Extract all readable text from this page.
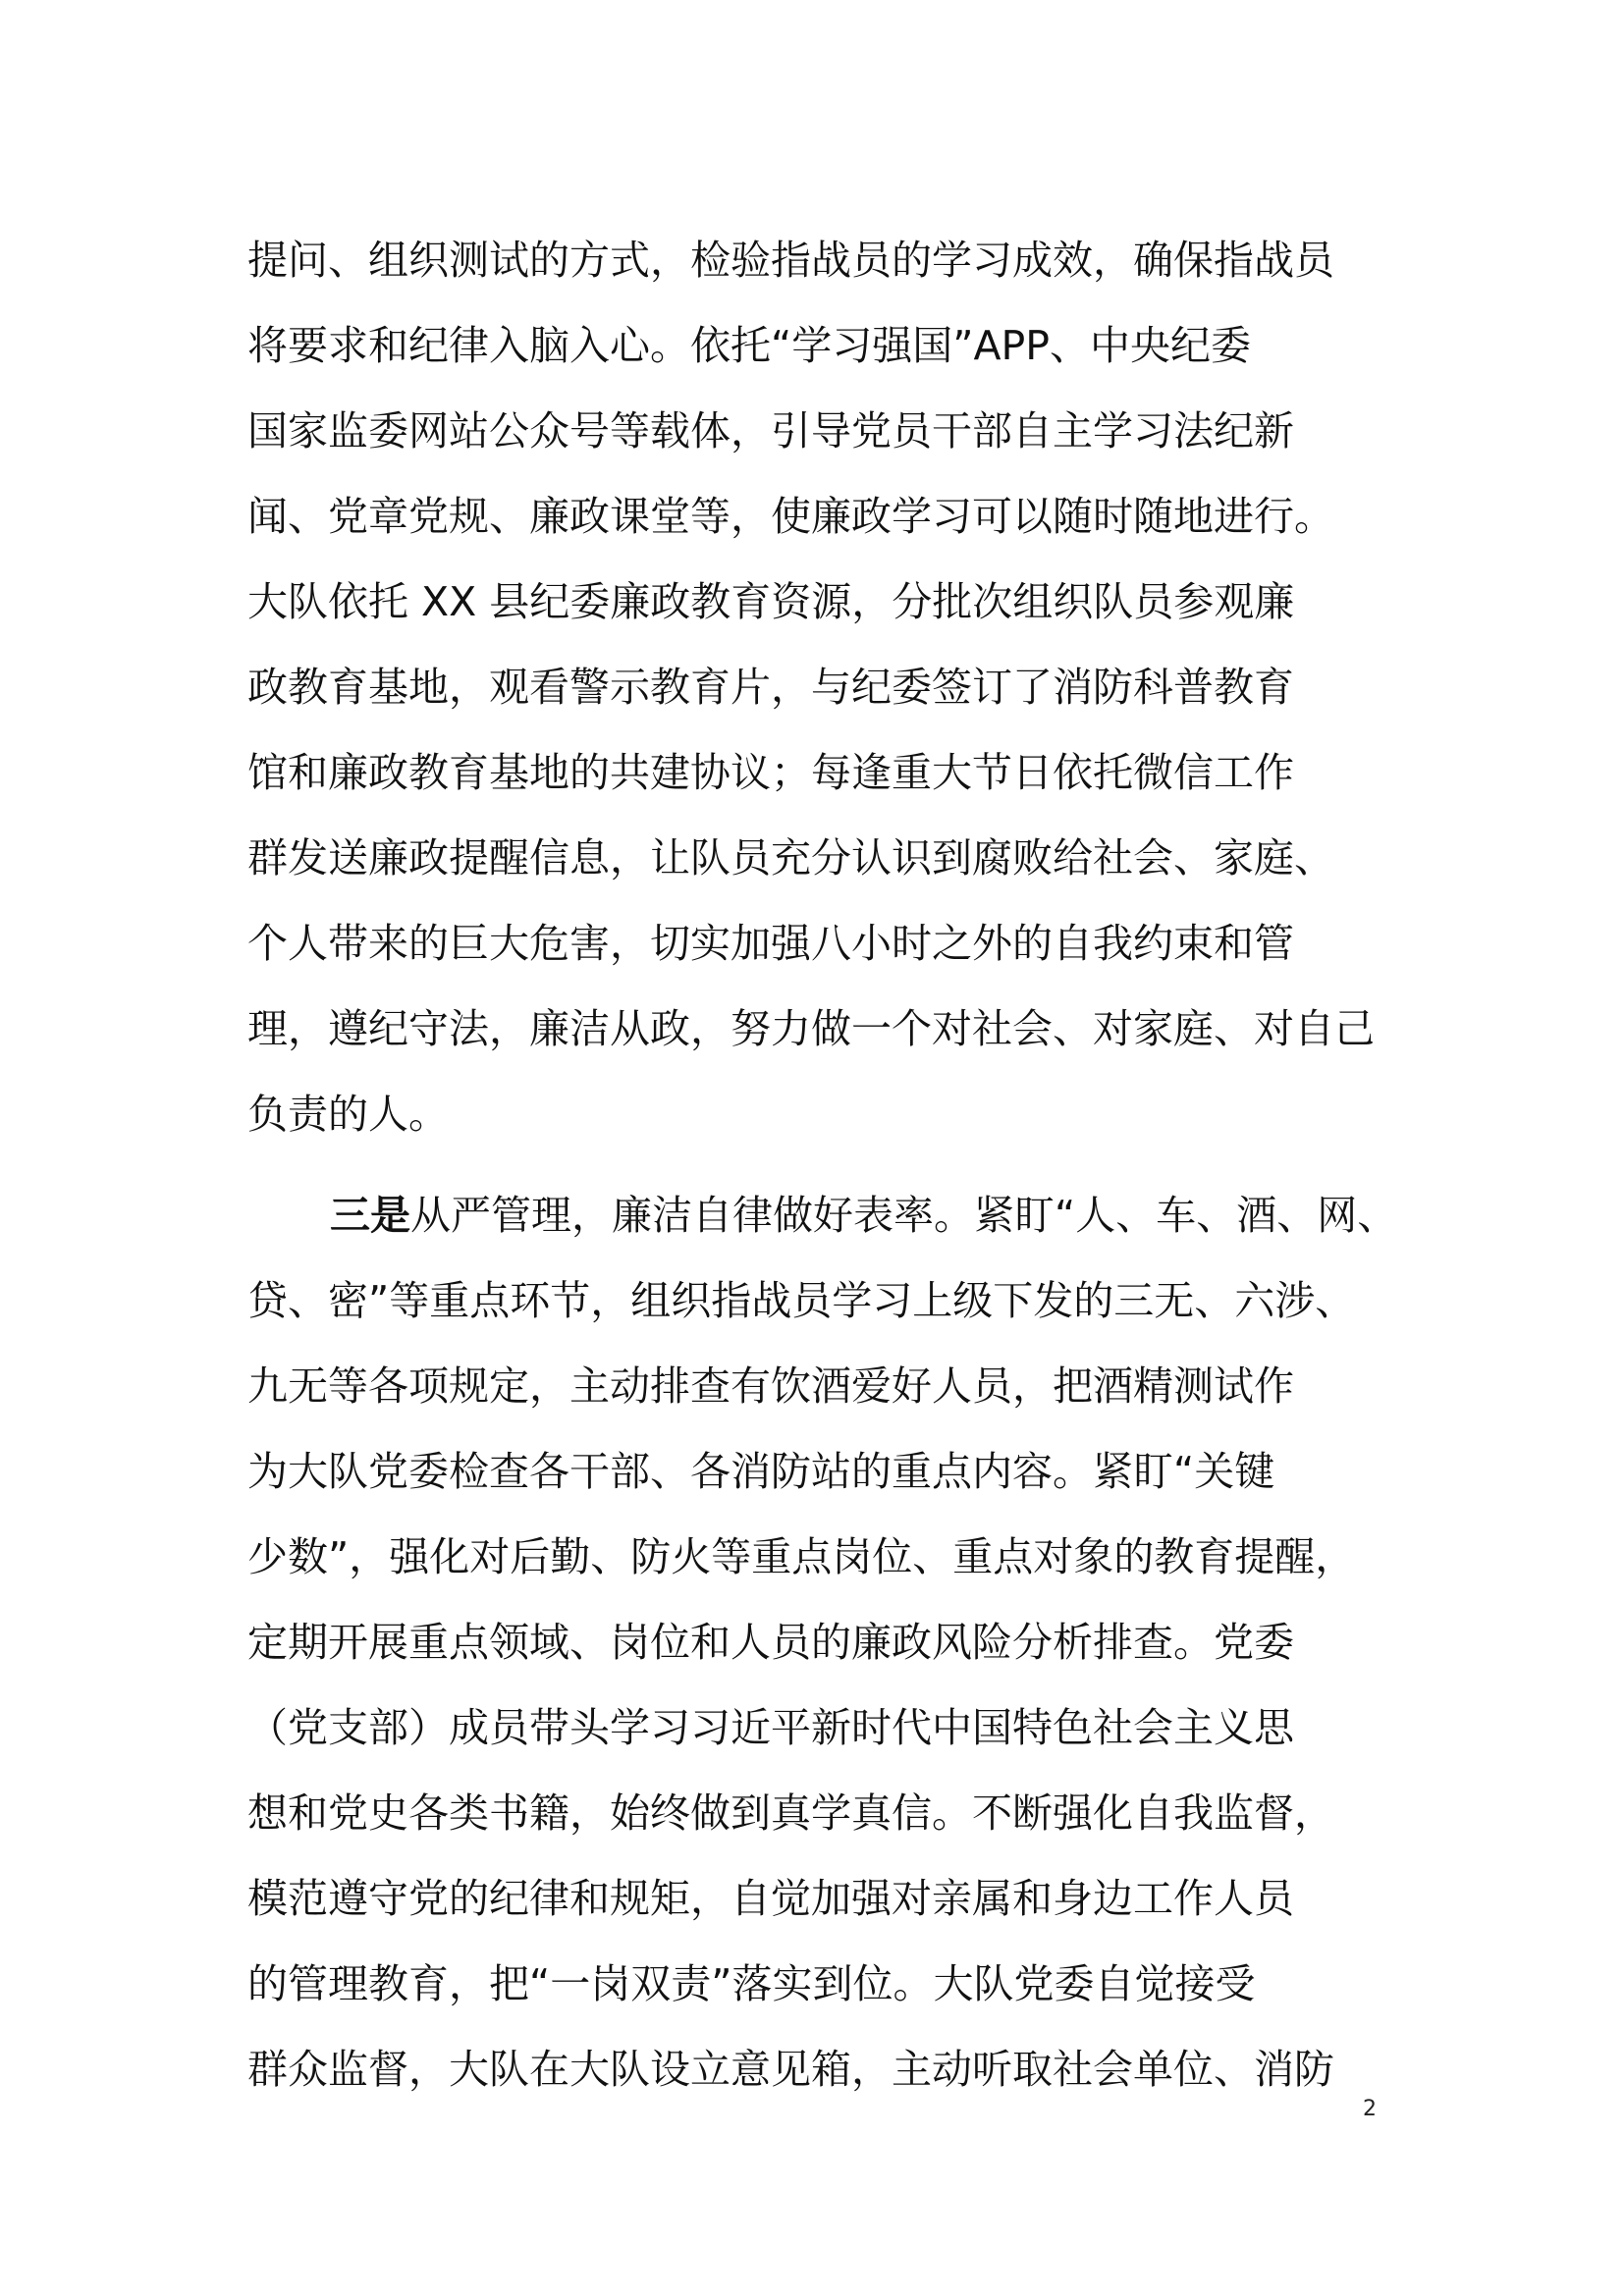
提问、组织测试的方式，检验指战员的学习成效，确保指战员
将要求和纪律入脑入心。依托“学习强国”APP、中央纪委
国家监委网站公众号等载体，引导党员干部自主学习法纪新
闻、党章党规、廉政课堂等，使廉政学习可以随时随地进行。
大队依托 XX 县纪委廉政教育资源，分批次组织队员参观廉
政教育基地，观看警示教育片，与纪委签订了消防科普教育
馆和廉政教育基地的共建协议；每逢重大节日依托微信工作
群发送廉政提醒信息，让队员充分认识到腐败给社会、家庭、
个人带来的巨大危害，切实加强八小时之外的自我约束和管
理，遵纪守法，廉洁从政，努力做一个对社会、对家庭、对自己
负责的人。
三是从严管理，廉洁自律做好表率。紧盯“人、车、酒、网、
贷、密”等重点环节，组织指战员学习上级下发的三无、六涉、
九无等各项规定，主动排查有饮酒爱好人员，把酒精测试作
为大队党委检查各干部、各消防站的重点内容。紧盯“关键
少数”，强化对后勤、防火等重点岗位、重点对象的教育提醒，
定期开展重点领域、岗位和人员的廉政风险分析排查。党委
（党支部）成员带头学习习近平新时代中国特色社会主义思
想和党史各类书籍，始终做到真学真信。不断强化自我监督，
模范遵守党的纪律和规矩，自觉加强对亲属和身边工作人员
的管理教育，把“一岗双责”落实到位。大队党委自觉接受
群众监督，大队在大队设立意见箱，主动听取社会单位、消防
2
